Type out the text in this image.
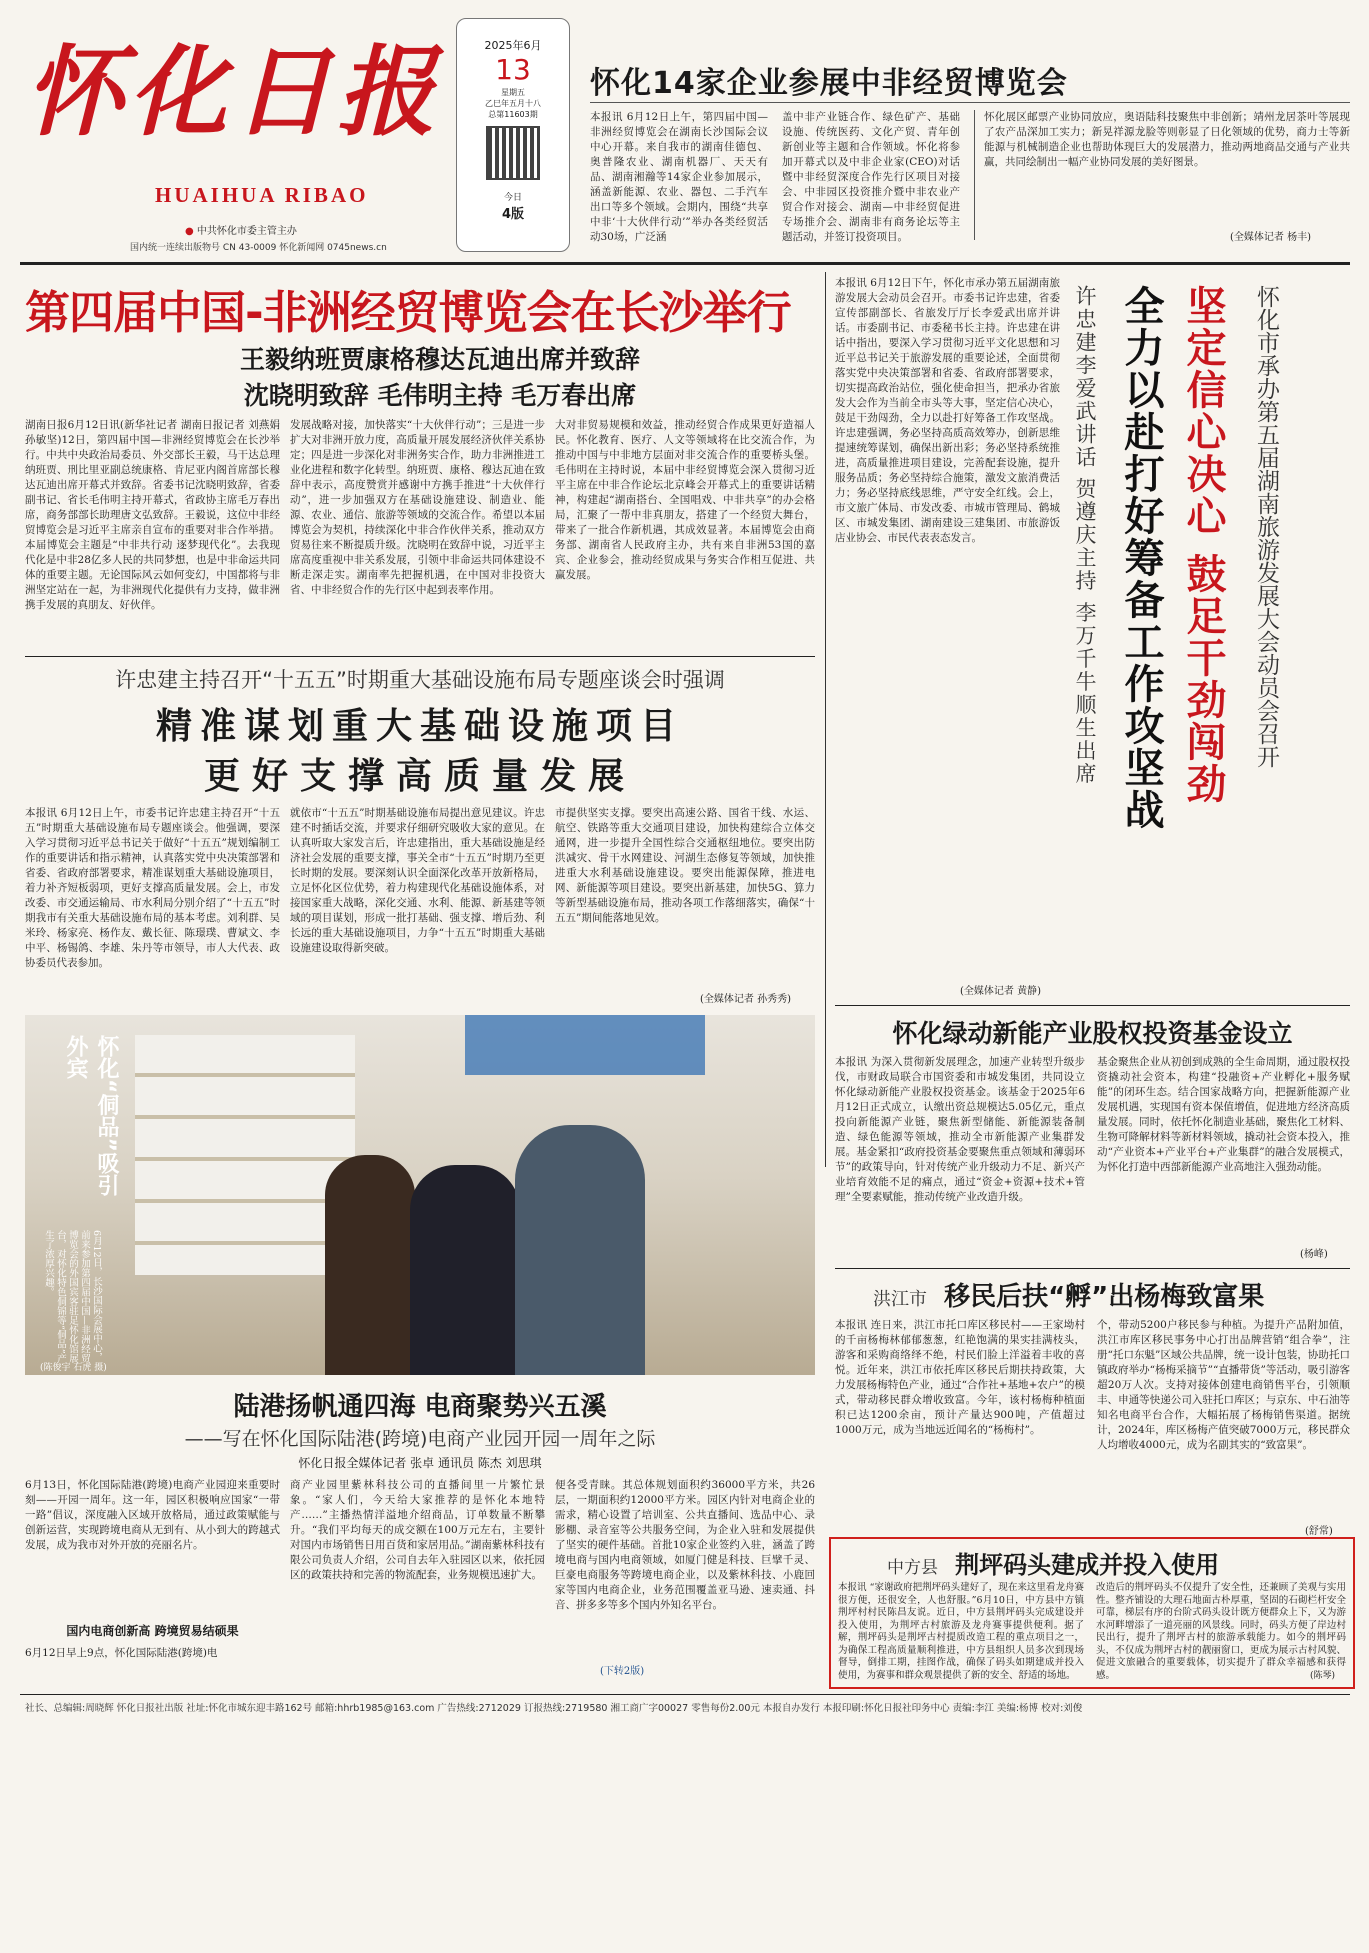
怀化日报
HUAIHUA RIBAO
● 中共怀化市委主管主办
国内统一连续出版物号 CN 43-0009 怀化新闻网 0745news.cn
2025年6月
13
星期五
乙巳年五月十八
总第11603期
今日
4版
怀化14家企业参展中非经贸博览会
本报讯 6月12日上午，第四届中国—非洲经贸博览会在湖南长沙国际会议中心开幕。来自我市的湖南佳德包、奥普隆农业、湖南机器厂、天天有品、湖南湘瀚等14家企业参加展示，涵盖新能源、农业、器包、二手汽车出口等多个领域。会期内，围绕“共享中非‘十大伙伴行动’”举办各类经贸活动30场，广泛涵
盖中非产业链合作、绿色矿产、基础设施、传统医药、文化产贸、青年创新创业等主题和合作领域。怀化将参加开幕式以及中非企业家(CEO)对话暨中非经贸深度合作先行区项目对接会、中非园区投资推介暨中非农业产贸合作对接会、湖南—中非经贸促进专场推介会、湖南非有商务论坛等主题活动，并签订投资项目。
怀化展区邮票产业协同放应，奥语陆科技聚焦中非创新；靖州龙居茶叶等展现了农产品深加工实力；新晃祥源龙脸等则彰显了日化领域的优势，商力士等新能源与机械制造企业也帮助体现巨大的发展潜力，推动两地商品交通与产业共赢，共同绘制出一幅产业协同发展的美好图景。
(全媒体记者 杨丰)
第四届中国-非洲经贸博览会在长沙举行
王毅纳班贾康格穆达瓦迪出席并致辞
沈晓明致辞 毛伟明主持 毛万春出席
湖南日报6月12日讯(新华社记者 湖南日报记者 刘燕娟 孙敏坚)12日，第四届中国—非洲经贸博览会在长沙举行。中共中央政治局委员、外交部长王毅，马干达总理纳班贾、刑比里亚副总统康格、肯尼亚内阁首席部长穆达瓦迪出席开幕式并致辞。省委书记沈晓明致辞，省委副书记、省长毛伟明主持开幕式，省政协主席毛万春出席，商务部部长助理唐文弘致辞。王毅说，这位中非经贸博览会是习近平主席亲自宣布的重要对非合作举措。本届博览会主题是“中非共行动 逐梦现代化”。去我现代化是中非28亿多人民的共同梦想，也是中非命运共同体的重要主题。无论国际风云如何变幻，中国都将与非洲坚定站在一起，为非洲现代化提供有力支持，做非洲携手发展的真朋友、好伙伴。
发展战略对接，加快落实“十大伙伴行动”；三是进一步扩大对非洲开放力度，高质量开展发展经济伙伴关系协定；四是进一步深化对非洲务实合作，助力非洲推进工业化进程和数字化转型。纳班贾、康格、穆达瓦迪在致辞中表示，高度赞赏并感谢中方携手推进“十大伙伴行动”，进一步加强双方在基础设施建设、制造业、能源、农业、通信、旅游等领域的交流合作。希望以本届博览会为契机，持续深化中非合作伙伴关系，推动双方贸易往来不断提质升级。沈晓明在致辞中说，习近平主席高度重视中非关系发展，引领中非命运共同体建设不断走深走实。湖南率先把握机遇，在中国对非投资大省、中非经贸合作的先行区中起到表率作用。
大对非贸易规模和效益，推动经贸合作成果更好造福人民。怀化教育、医疗、人文等领域将在比交流合作，为推动中国与中非地方层面对非交流合作的重要桥头堡。毛伟明在主持时说，本届中非经贸博览会深入贯彻习近平主席在中非合作论坛北京峰会开幕式上的重要讲话精神，构建起“湖南搭台、全国唱戏、中非共享”的办会格局，汇聚了一帮中非真朋友，搭建了一个经贸大舞台，带来了一批合作新机遇，其成效显著。本届博览会由商务部、湖南省人民政府主办，共有来自非洲53国的嘉宾、企业参会，推动经贸成果与务实合作相互促进、共赢发展。
本报讯 6月12日下午，怀化市承办第五届湖南旅游发展大会动员会召开。市委书记许忠建，省委宣传部副部长、省旅发厅厅长李爱武出席并讲话。市委副书记、市委秘书长主持。许忠建在讲话中指出，要深入学习贯彻习近平文化思想和习近平总书记关于旅游发展的重要论述，全面贯彻落实党中央决策部署和省委、省政府部署要求，切实提高政治站位，强化使命担当，把承办省旅发大会作为当前全市头等大事，坚定信心决心，鼓足干劲闯劲，全力以赴打好筹备工作攻坚战。许忠建强调，务必坚持高质高效筹办，创新思维提速统筹谋划，确保出新出彩；务必坚持系统推进，高质量推进项目建设，完善配套设施，提升服务品质；务必坚持综合施策，激发文旅消费活力；务必坚持底线思维，严守安全红线。会上，市文旅广体局、市发改委、市城市管理局、鹤城区、市城发集团、湖南建设三建集团、市旅游饭店业协会、市民代表表态发言。
(全媒体记者 黄静)
许忠建李爱武讲话 贺遵庆主持 李万千牛顺生出席 全力以赴打好筹备工作攻坚战 坚定信心决心 鼓足干劲闯劲 怀化市承办第五届湖南旅游发展大会动员会召开
许忠建主持召开“十五五”时期重大基础设施布局专题座谈会时强调
精准谋划重大基础设施项目
更好支撑高质量发展
本报讯 6月12日上午，市委书记许忠建主持召开“十五五”时期重大基础设施布局专题座谈会。他强调，要深入学习贯彻习近平总书记关于做好“十五五”规划编制工作的重要讲话和指示精神，认真落实党中央决策部署和省委、省政府部署要求，精准谋划重大基础设施项目，着力补齐短板弱项，更好支撑高质量发展。会上，市发改委、市交通运输局、市水利局分别介绍了“十五五”时期我市有关重大基础设施布局的基本考虑。刘利群、吴米玲、杨家亮、杨作友、戴长征、陈璟璞、曹斌文、李中平、杨锡鸽、李雄、朱丹等市领导，市人大代表、政协委员代表参加。
就依市“十五五”时期基础设施布局提出意见建议。许忠建不时插话交流，并要求仔细研究吸收大家的意见。在认真听取大家发言后，许忠建指出，重大基础设施是经济社会发展的重要支撑，事关全市“十五五”时期乃至更长时期的发展。要深刻认识全面深化改革开放新格局，立足怀化区位优势，着力构建现代化基础设施体系，对接国家重大战略，深化交通、水利、能源、新基建等领域的项目谋划，形成一批打基础、强支撑、增后劲、利长远的重大基础设施项目，力争“十五五”时期重大基础设施建设取得新突破。
市提供坚实支撑。要突出高速公路、国省干线、水运、航空、铁路等重大交通项目建设，加快构建综合立体交通网，进一步提升全国性综合交通枢纽地位。要突出防洪减灾、骨干水网建设、河湖生态修复等领域，加快推进重大水利基础设施建设。要突出能源保障，推进电网、新能源等项目建设。要突出新基建，加快5G、算力等新型基础设施布局，推动各项工作落细落实，确保“十五五”期间能落地见效。
(全媒体记者 孙秀秀)
怀化“侗品”吸引外宾
6月12日，长沙国际会展中心，前来参加第四届中国—非洲经贸博览会的外国宾客驻足怀化馆展台，对怀化特色侗锦等“侗品”产生了浓厚兴趣。
(陈俊宇 石虎 摄)
怀化绿动新能产业股权投资基金设立
本报讯 为深入贯彻新发展理念，加速产业转型升级步伐，市财政局联合市国资委和市城发集团，共同设立怀化绿动新能产业股权投资基金。该基金于2025年6月12日正式成立，认缴出资总规模达5.05亿元，重点投向新能源产业链，聚焦新型储能、新能源装备制造、绿色能源等领域，推动全市新能源产业集群发展。基金紧扣“政府投资基金要聚焦重点领域和薄弱环节”的政策导向，针对传统产业升级动力不足、新兴产业培育效能不足的痛点，通过“资金+资源+技术+管理”全要素赋能，推动传统产业改造升级。
基金聚焦企业从初创到成熟的全生命周期，通过股权投资撬动社会资本，构建“投融资+产业孵化+服务赋能”的闭环生态。结合国家战略方向，把握新能源产业发展机遇，实现国有资本保值增值，促进地方经济高质量发展。同时，依托怀化制造业基础，聚焦化工材料、生物可降解材料等新材料领域，撬动社会资本投入，推动“产业资本+产业平台+产业集群”的融合发展模式，为怀化打造中西部新能源产业高地注入强劲动能。
(杨峰)
洪江市 移民后扶“孵”出杨梅致富果
本报讯 连日来，洪江市托口库区移民村——王家坳村的千亩杨梅林郁郁葱葱，红艳饱满的果实挂满枝头，游客和采购商络绎不绝，村民们脸上洋溢着丰收的喜悦。近年来，洪江市依托库区移民后期扶持政策，大力发展杨梅特色产业，通过“合作社+基地+农户”的模式，带动移民群众增收致富。今年，该村杨梅种植面积已达1200余亩，预计产量达900吨，产值超过1000万元，成为当地远近闻名的“杨梅村”。
个，带动5200户移民参与种植。为提升产品附加值，洪江市库区移民事务中心打出品牌营销“组合拳”，注册“托口东魁”区域公共品牌，统一设计包装，协助托口镇政府举办“杨梅采摘节”“直播带货”等活动，吸引游客超20万人次。支持对接体创建电商销售平台，引领顺丰、申通等快递公司入驻托口库区；与京东、中石油等知名电商平台合作，大幅拓展了杨梅销售渠道。据统计，2024年，库区杨梅产值突破7000万元，移民群众人均增收4000元，成为名副其实的“致富果”。
(舒常)
陆港扬帆通四海 电商聚势兴五溪
——写在怀化国际陆港(跨境)电商产业园开园一周年之际
怀化日报全媒体记者 张卓 通讯员 陈杰 刘思琪
6月13日，怀化国际陆港(跨境)电商产业园迎来重要时刻——开园一周年。这一年，园区积极响应国家“一带一路”倡议，深度融入区域开放格局，通过政策赋能与创新运营，实现跨境电商从无到有、从小到大的跨越式发展，成为我市对外开放的亮丽名片。
国内电商创新高 跨境贸易结硕果
6月12日早上9点，怀化国际陆港(跨境)电
商产业园里紫林科技公司的直播间里一片繁忙景象。“家人们，今天给大家推荐的是怀化本地特产……”主播热情洋溢地介绍商品，订单数量不断攀升。“我们平均每天的成交额在100万元左右，主要针对国内市场销售日用百货和家居用品。”湖南紫林科技有限公司负责人介绍，公司自去年入驻园区以来，依托园区的政策扶持和完善的物流配套，业务规模迅速扩大。
便各受青睐。其总体规划面积约36000平方米，共26层，一期面积约12000平方米。园区内针对电商企业的需求，精心设置了培训室、公共直播间、选品中心、录影棚、录音室等公共服务空间，为企业入驻和发展提供了坚实的硬件基础。首批10家企业签约入驻，涵盖了跨境电商与国内电商领域，如厦门健是科技、巨擘千灵、巨豪电商服务等跨境电商企业，以及紫林科技、小鹿回家等国内电商企业，业务范围覆盖亚马逊、速卖通、抖音、拼多多等多个国内外知名平台。
(下转2版)
中方县 荆坪码头建成并投入使用
本报讯 “家谢政府把荆坪码头建好了，现在来这里看龙舟赛很方便，还很安全，人也舒服。”6月10日，中方县中方镇荆坪村村民陈昌友说。近日，中方县荆坪码头完成建设并投入使用，为荆坪古村旅游及龙舟赛事提供便利。据了解，荆坪码头是荆坪古村提质改造工程的重点项目之一，为确保工程高质量顺利推进，中方县组织人员多次到现场督导，倒排工期，挂图作战，确保了码头如期建成并投入使用，为赛事和群众观景提供了新的安全、舒适的场地。
改造后的荆坪码头不仅提升了安全性，还兼顾了美观与实用性。整齐铺设的大理石地面古朴厚重，坚固的石砌栏杆安全可靠，梯层有序的台阶式码头设计既方便群众上下，又为游水河畔增添了一道亮丽的风景线。同时，码头方便了岸边村民出行，提升了荆坪古村的旅游承载能力。如今的荆坪码头，不仅成为荆坪古村的靓丽窗口，更成为展示古村风貌、促进文旅融合的重要载体，切实提升了群众幸福感和获得感。	(陈琴)
社长、总编辑:周晓辉 怀化日报社出版 社址:怀化市城东迎丰路162号 邮箱:hhrb1985@163.com 广告热线:2712029 订报热线:2719580 湘工商广字00027 零售每份2.00元 本报自办发行 本报印刷:怀化日报社印务中心 责编:李江 美编:杨博 校对:刘俊
